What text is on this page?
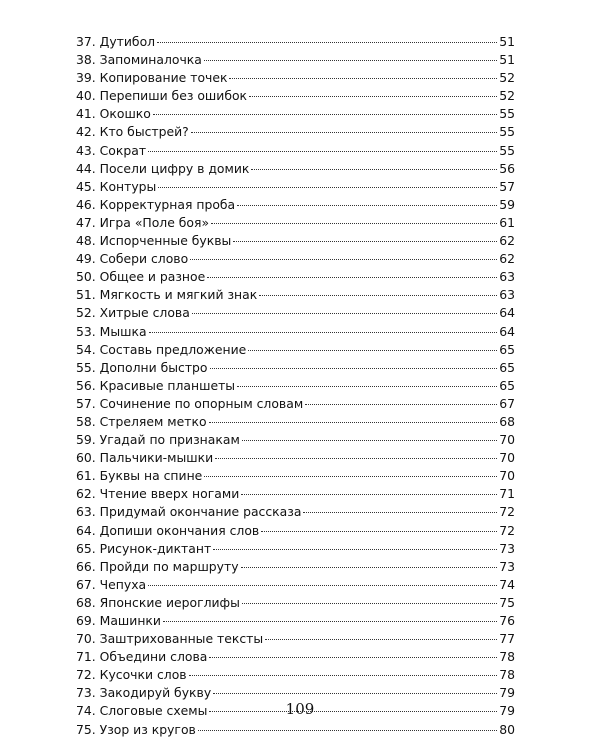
37. Дутибол	51
38. Запоминалочка	51
39. Копирование точек	52
40. Перепиши без ошибок	52
41. Окошко	55
42. Кто быстрей?	55
43. Сократ	55
44. Посели цифру в домик	56
45. Контуры	57
46. Корректурная проба	59
47. Игра «Поле боя»	61
48. Испорченные буквы	62
49. Собери слово	62
50. Общее и разное	63
51. Мягкость и мягкий знак	63
52. Хитрые слова	64
53. Мышка	64
54. Составь предложение	65
55. Дополни быстро	65
56. Красивые планшеты	65
57. Сочинение по опорным словам	67
58. Стреляем метко	68
59. Угадай по признакам	70
60. Пальчики-мышки	70
61. Буквы на спине	70
62. Чтение вверх ногами	71
63. Придумай окончание рассказа	72
64. Допиши окончания слов	72
65. Рисунок-диктант	73
66. Пройди по маршруту	73
67. Чепуха	74
68. Японские иероглифы	75
69. Машинки	76
70. Заштрихованные тексты	77
71. Объедини слова	78
72. Кусочки слов	78
73. Закодируй букву	79
74. Слоговые схемы	79
75. Узор из кругов	80
109
